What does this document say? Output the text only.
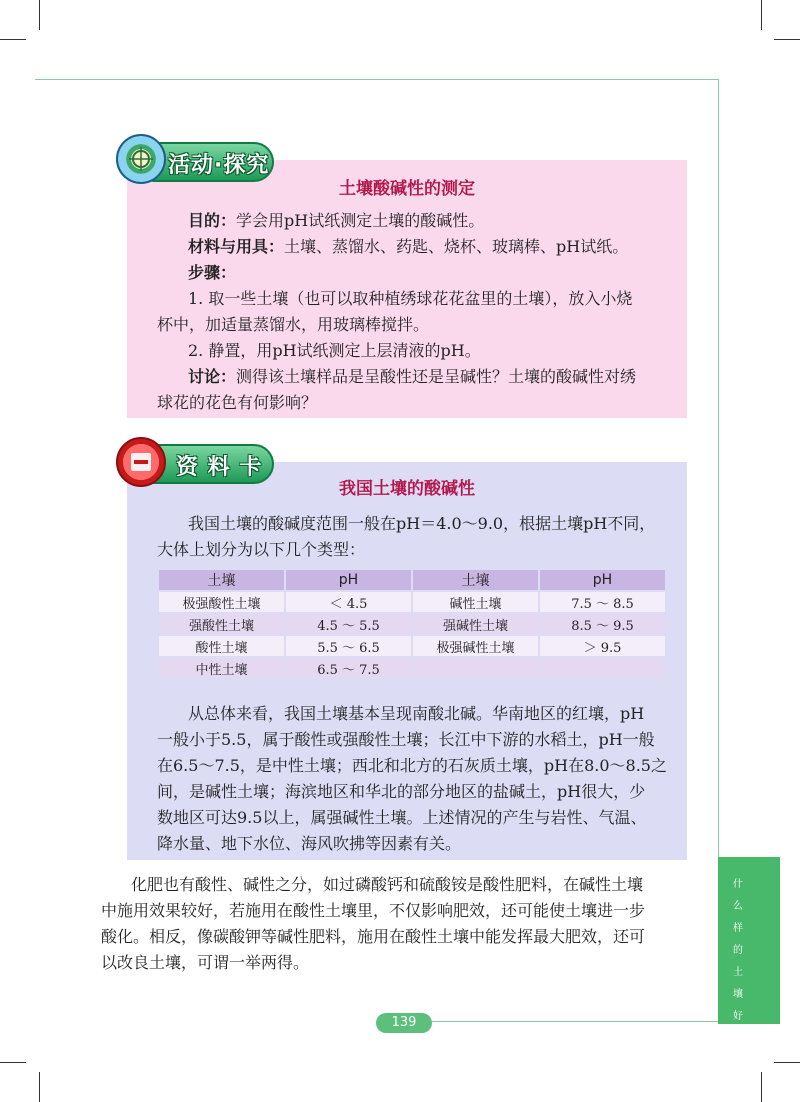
活动·探究
土壤酸碱性的测定
目的：学会用pH试纸测定土壤的酸碱性。
材料与用具：土壤、蒸馏水、药匙、烧杯、玻璃棒、pH试纸。
步骤：
1. 取一些土壤（也可以取种植绣球花花盆里的土壤），放入小烧
杯中，加适量蒸馏水，用玻璃棒搅拌。
2. 静置，用pH试纸测定上层清液的pH。
讨论：测得该土壤样品是呈酸性还是呈碱性？土壤的酸碱性对绣
球花的花色有何影响？
资 料 卡
我国土壤的酸碱性
我国土壤的酸碱度范围一般在pH＝4.0～9.0，根据土壤pH不同，
大体上划分为以下几个类型：
土壤	pH	土壤	pH
极强酸性土壤	＜ 4.5	碱性土壤	7.5 ～ 8.5
强酸性土壤	4.5 ～ 5.5	强碱性土壤	8.5 ～ 9.5
酸性土壤	5.5 ～ 6.5	极强碱性土壤	＞ 9.5
中性土壤	6.5 ～ 7.5		
从总体来看，我国土壤基本呈现南酸北碱。华南地区的红壤，pH
一般小于5.5，属于酸性或强酸性土壤；长江中下游的水稻土，pH一般
在6.5～7.5，是中性土壤；西北和北方的石灰质土壤，pH在8.0～8.5之
间，是碱性土壤；海滨地区和华北的部分地区的盐碱土，pH很大，少
数地区可达9.5以上，属强碱性土壤。上述情况的产生与岩性、气温、
降水量、地下水位、海风吹拂等因素有关。
化肥也有酸性、碱性之分，如过磷酸钙和硫酸铵是酸性肥料，在碱性土壤
中施用效果较好，若施用在酸性土壤里，不仅影响肥效，还可能使土壤进一步
酸化。相反，像碳酸钾等碱性肥料，施用在酸性土壤中能发挥最大肥效，还可
以改良土壤，可谓一举两得。
什
么
样
的
土
壤
好
139
